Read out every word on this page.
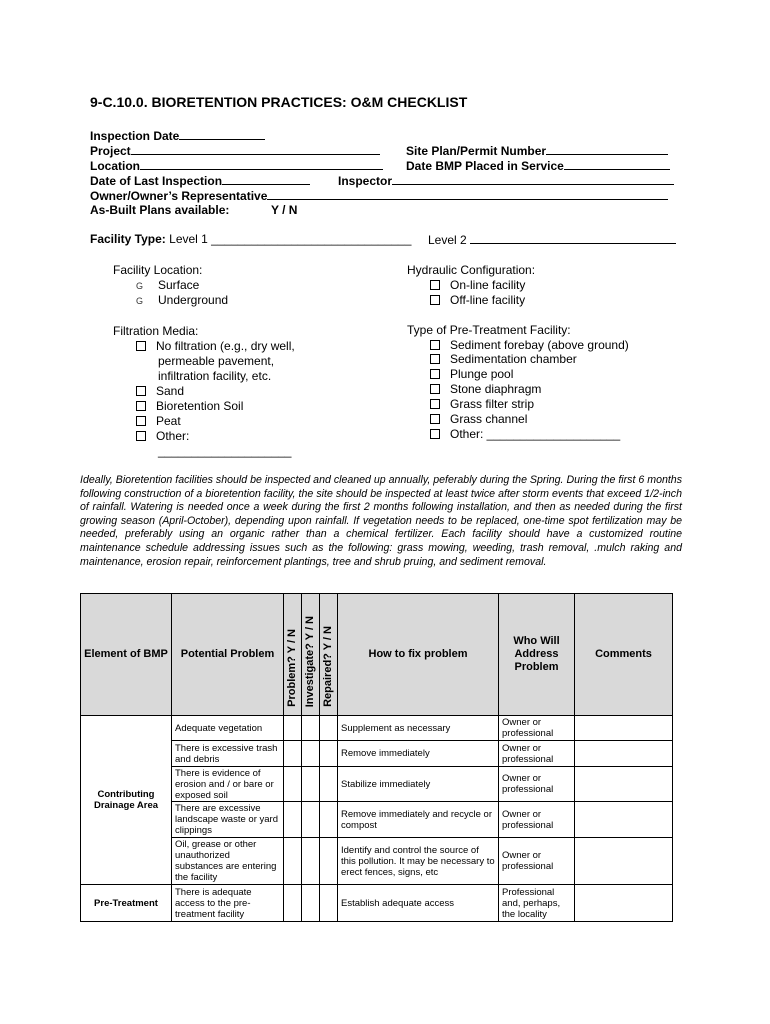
9-C.10.0. BIORETENTION PRACTICES: O&M CHECKLIST
Inspection Date
Project
Location
Date of Last Inspection
Owner/Owner’s Representative
As-Built Plans available:	Y / N
Site Plan/Permit Number
Date BMP Placed in Service
Inspector
Facility Type: Level 1 ______________________________ Level 2
Facility Location:
G Surface
G Underground
Hydraulic Configuration:
On-line facility
Off-line facility
Filtration Media:
No filtration (e.g., dry well,
permeable pavement,
infiltration facility, etc.
Sand
Bioretention Soil
Peat
Other:
____________________
Type of Pre-Treatment Facility:
Sediment forebay (above ground)
Sedimentation chamber
Plunge pool
Stone diaphragm
Grass filter strip
Grass channel
Other: ____________________
Ideally, Bioretention facilities should be inspected and cleaned up annually, peferably during the Spring. During the first 6 months following construction of a bioretention facility, the site should be inspected at least twice after storm events that exceed 1/2-inch of rainfall. Watering is needed once a week during the first 2 months following installation, and then as needed during the first growing season (April-October), depending upon rainfall. If vegetation needs to be replaced, one-time spot fertilization may be needed, preferably using an organic rather than a chemical fertilizer. Each facility should have a customized routine maintenance schedule addressing issues such as the following: grass mowing, weeding, trash removal, .mulch raking and maintenance, erosion repair, reinforcement plantings, tree and shrub pruing, and sediment removal.
Element of BMP	Potential Problem	Problem? Y / N	Investigate? Y / N	Repaired? Y / N	How to fix problem	Who Will Address Problem	Comments
Contributing Drainage Area	Adequate vegetation				Supplement as necessary	Owner or professional	
	There is excessive trash and debris				Remove immediately	Owner or professional	
	There is evidence of erosion and / or bare or exposed soil				Stabilize immediately	Owner or professional	
	There are excessive landscape waste or yard clippings				Remove immediately and recycle or compost	Owner or professional	
	Oil, grease or other unauthorized substances are entering the facility				Identify and control the source of this pollution. It may be necessary to erect fences, signs, etc	Owner or professional	
Pre-Treatment	There is adequate access to the pre-treatment facility				Establish adequate access	Professional and, perhaps, the locality	
